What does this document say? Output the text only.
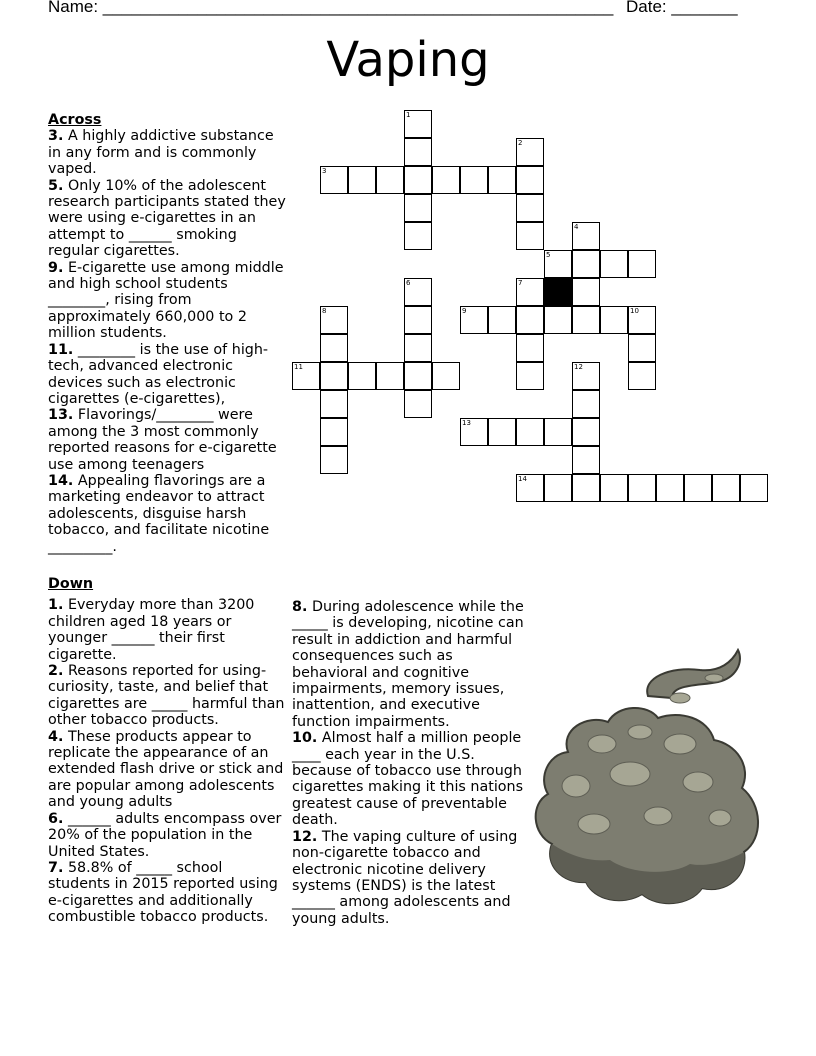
Name: ______________________________________________________ Date: _______
Vaping
1
2
3
4
5
6	7
8	9	10
11	12
13
14
Across
3. A highly addictive substance in any form and is commonly vaped.
5. Only 10% of the adolescent research participants stated they were using e-cigarettes in an attempt to ______ smoking regular cigarettes.
9. E-cigarette use among middle and high school students ________, rising from approximately 660,000 to 2 million students.
11. ________ is the use of high-tech, advanced electronic devices such as electronic cigarettes (e-cigarettes),
13. Flavorings/________ were among the 3 most commonly reported reasons for e-cigarette use among teenagers
14. Appealing flavorings are a marketing endeavor to attract adolescents, disguise harsh tobacco, and facilitate nicotine _________.
Down
1. Everyday more than 3200 children aged 18 years or younger ______ their first cigarette.
2. Reasons reported for using-curiosity, taste, and belief that cigarettes are _____ harmful than other tobacco products.
4. These products appear to replicate the appearance of an extended flash drive or stick and are popular among adolescents and young adults
6. ______ adults encompass over 20% of the population in the United States.
7. 58.8% of _____ school students in 2015 reported using e-cigarettes and additionally combustible tobacco products.
8. During adolescence while the _____ is developing, nicotine can result in addiction and harmful consequences such as behavioral and cognitive impairments, memory issues, inattention, and executive function impairments.
10. Almost half a million people ____ each year in the U.S. because of tobacco use through cigarettes making it this nations greatest cause of preventable death.
12. The vaping culture of using non-cigarette tobacco and electronic nicotine delivery systems (ENDS) is the latest ______ among adolescents and young adults.
